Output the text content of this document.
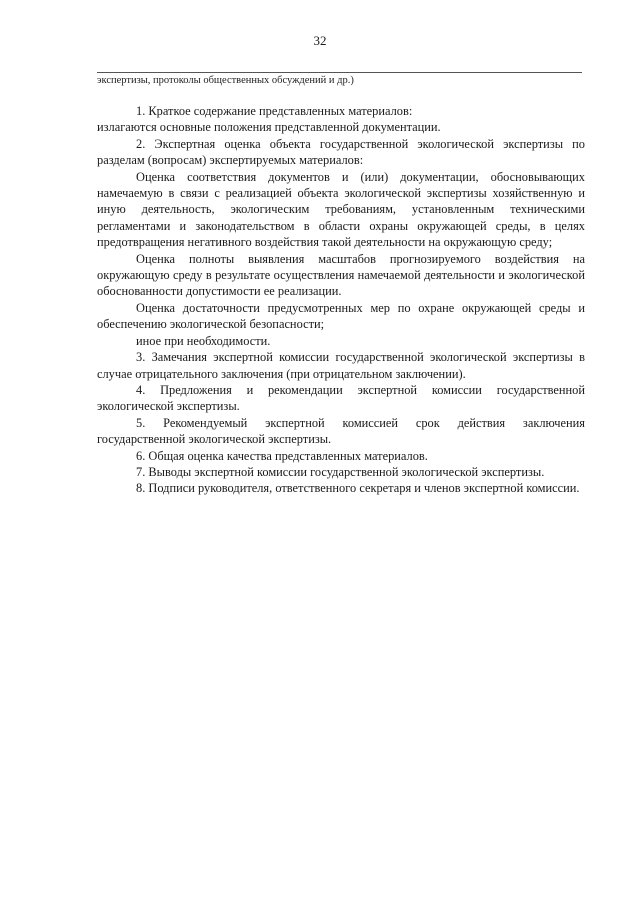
32
экспертизы, протоколы общественных обсуждений и др.)

1. Краткое содержание представленных материалов:

излагаются основные положения представленной документации.

2. Экспертная оценка объекта государственной экологической экспертизы по разделам (вопросам) экспертируемых материалов:

Оценка соответствия документов и (или) документации, обосновывающих намечаемую в связи с реализацией объекта экологической экспертизы хозяйственную и иную деятельность, экологическим требованиям, установленным техническими регламентами и законодательством в области охраны окружающей среды, в целях предотвращения негативного воздействия такой деятельности на окружающую среду;

Оценка полноты выявления масштабов прогнозируемого воздействия на окружающую среду в результате осуществления намечаемой деятельности и экологической обоснованности допустимости ее реализации.

Оценка достаточности предусмотренных мер по охране окружающей среды и обеспечению экологической безопасности;

иное при необходимости.

3. Замечания экспертной комиссии государственной экологической экспертизы в случае отрицательного заключения (при отрицательном заключении).

4. Предложения и рекомендации экспертной комиссии государственной экологической экспертизы.

5. Рекомендуемый экспертной комиссией срок действия заключения государственной экологической экспертизы.

6. Общая оценка качества представленных материалов.

7. Выводы экспертной комиссии государственной экологической экспертизы.

8. Подписи руководителя, ответственного секретаря и членов экспертной комиссии.
